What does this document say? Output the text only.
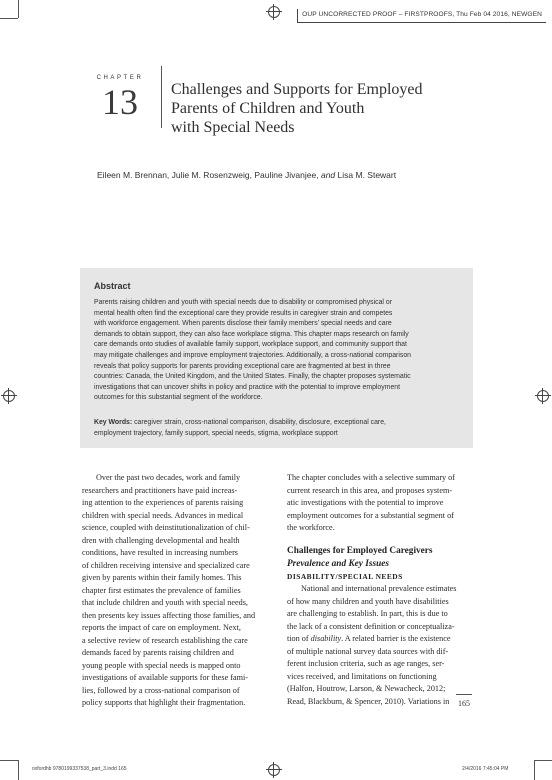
OUP UNCORRECTED PROOF – FIRSTPROOFS, Thu Feb 04 2016, NEWGEN
CHAPTER
13	Challenges and Supports for Employed
Parents of Children and Youth
with Special Needs
Eileen M. Brennan, Julie M. Rosenzweig, Pauline Jivanjee, and Lisa M. Stewart
Abstract
Parents raising children and youth with special needs due to disability or compromised physical or
mental health often find the exceptional care they provide results in caregiver strain and competes
with workforce engagement. When parents disclose their family members’ special needs and care
demands to obtain support, they can also face workplace stigma. This chapter maps research on family
care demands onto studies of available family support, workplace support, and community support that
may mitigate challenges and improve employment trajectories. Additionally, a cross-national comparison
reveals that policy supports for parents providing exceptional care are fragmented at best in three
countries: Canada, the United Kingdom, and the United States. Finally, the chapter proposes systematic
investigations that can uncover shifts in policy and practice with the potential to improve employment
outcomes for this substantial segment of the workforce.
Key Words: caregiver strain, cross-national comparison, disability, disclosure, exceptional care,
employment trajectory, family support, special needs, stigma, workplace support
Over the past two decades, work and family
researchers and practitioners have paid increas-
ing attention to the experiences of parents raising
children with special needs. Advances in medical
science, coupled with deinstitutionalization of chil-
dren with challenging developmental and health
conditions, have resulted in increasing numbers
of children receiving intensive and specialized care
given by parents within their family homes. This
chapter first estimates the prevalence of families
that include children and youth with special needs,
then presents key issues affecting those families, and
reports the impact of care on employment. Next,
a selective review of research establishing the care
demands faced by parents raising children and
young people with special needs is mapped onto
investigations of available supports for these fami-
lies, followed by a cross-national comparison of
policy supports that highlight their fragmentation.
The chapter concludes with a selective summary of
current research in this area, and proposes system-
atic investigations with the potential to improve
employment outcomes for a substantial segment of
the workforce.
Challenges for Employed Caregivers
Prevalence and Key Issues
DISABILITY/SPECIAL NEEDS
National and international prevalence estimates
of how many children and youth have disabilities
are challenging to establish. In part, this is due to
the lack of a consistent definition or conceptualiza-
tion of disability. A related barrier is the existence
of multiple national survey data sources with dif-
ferent inclusion criteria, such as age ranges, ser-
vices received, and limitations on functioning
(Halfon, Houtrow, Larson, & Newacheck, 2012;
Read, Blackburn, & Spencer, 2010). Variations in	165
oxfordhb 9780199337538_part_3.indd 165	2/4/2016 7:45:04 PM
